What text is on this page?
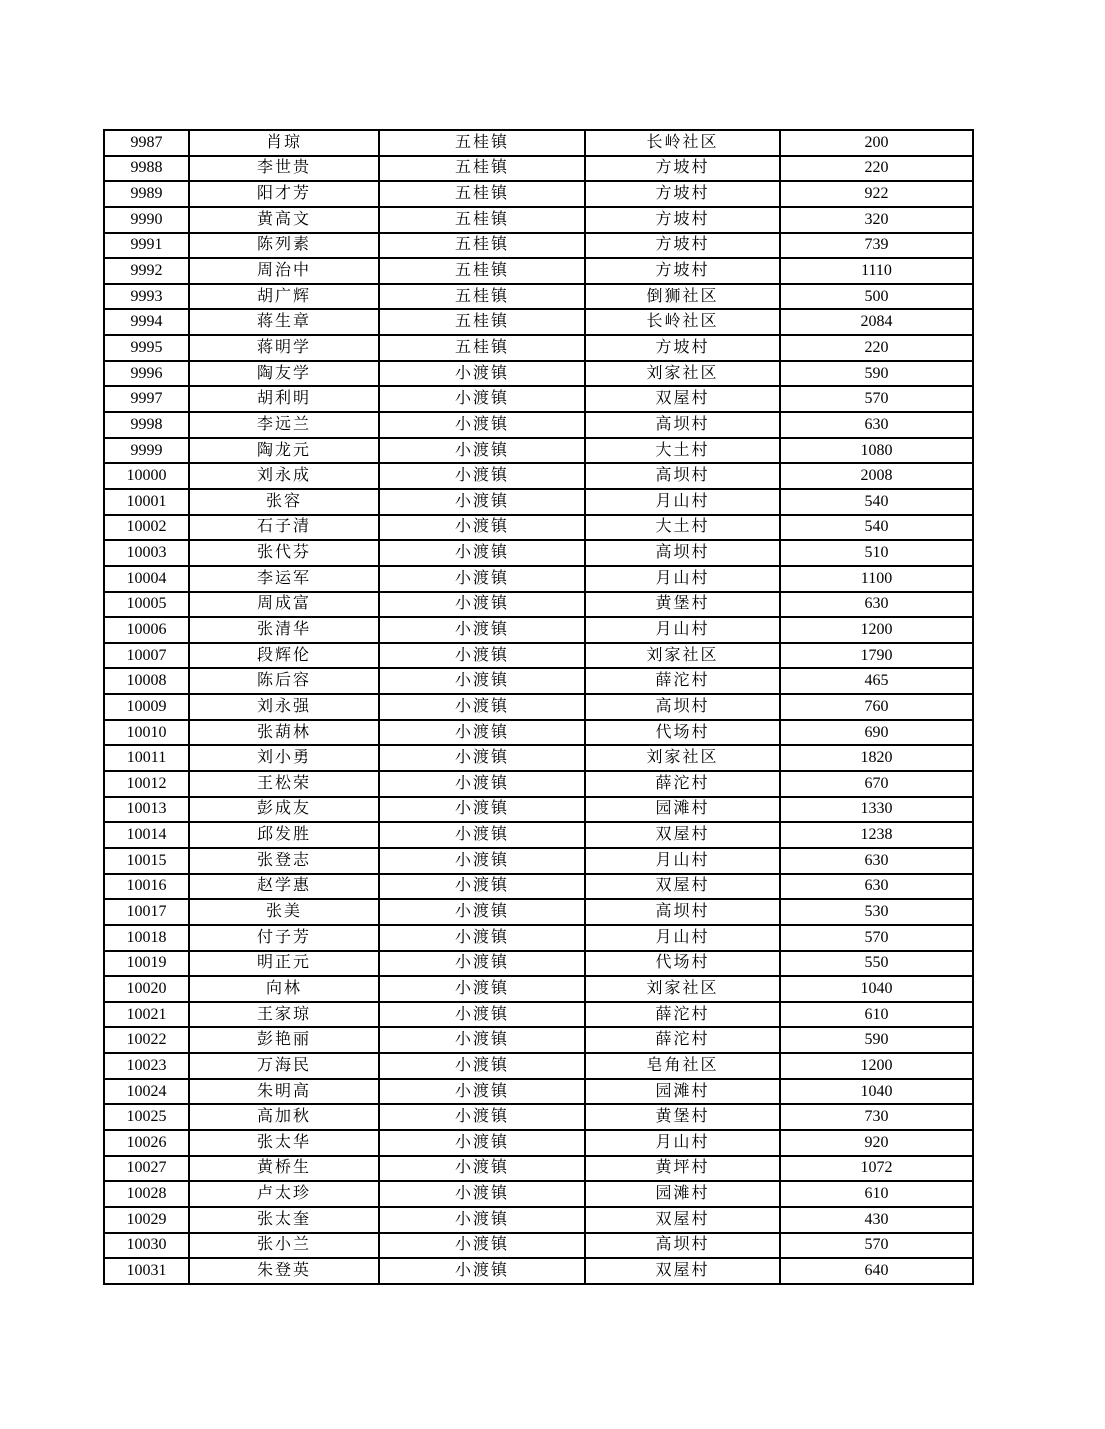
9987	肖琼	五桂镇	长岭社区	200
9988	李世贵	五桂镇	方坡村	220
9989	阳才芳	五桂镇	方坡村	922
9990	黄高文	五桂镇	方坡村	320
9991	陈列素	五桂镇	方坡村	739
9992	周治中	五桂镇	方坡村	1110
9993	胡广辉	五桂镇	倒狮社区	500
9994	蒋生章	五桂镇	长岭社区	2084
9995	蒋明学	五桂镇	方坡村	220
9996	陶友学	小渡镇	刘家社区	590
9997	胡利明	小渡镇	双屋村	570
9998	李远兰	小渡镇	高坝村	630
9999	陶龙元	小渡镇	大土村	1080
10000	刘永成	小渡镇	高坝村	2008
10001	张容	小渡镇	月山村	540
10002	石子清	小渡镇	大土村	540
10003	张代芬	小渡镇	高坝村	510
10004	李运军	小渡镇	月山村	1100
10005	周成富	小渡镇	黄堡村	630
10006	张清华	小渡镇	月山村	1200
10007	段辉伦	小渡镇	刘家社区	1790
10008	陈后容	小渡镇	薛沱村	465
10009	刘永强	小渡镇	高坝村	760
10010	张葫林	小渡镇	代场村	690
10011	刘小勇	小渡镇	刘家社区	1820
10012	王松荣	小渡镇	薛沱村	670
10013	彭成友	小渡镇	园滩村	1330
10014	邱发胜	小渡镇	双屋村	1238
10015	张登志	小渡镇	月山村	630
10016	赵学惠	小渡镇	双屋村	630
10017	张美	小渡镇	高坝村	530
10018	付子芳	小渡镇	月山村	570
10019	明正元	小渡镇	代场村	550
10020	向林	小渡镇	刘家社区	1040
10021	王家琼	小渡镇	薛沱村	610
10022	彭艳丽	小渡镇	薛沱村	590
10023	万海民	小渡镇	皂角社区	1200
10024	朱明高	小渡镇	园滩村	1040
10025	高加秋	小渡镇	黄堡村	730
10026	张太华	小渡镇	月山村	920
10027	黄桥生	小渡镇	黄坪村	1072
10028	卢太珍	小渡镇	园滩村	610
10029	张太奎	小渡镇	双屋村	430
10030	张小兰	小渡镇	高坝村	570
10031	朱登英	小渡镇	双屋村	640
